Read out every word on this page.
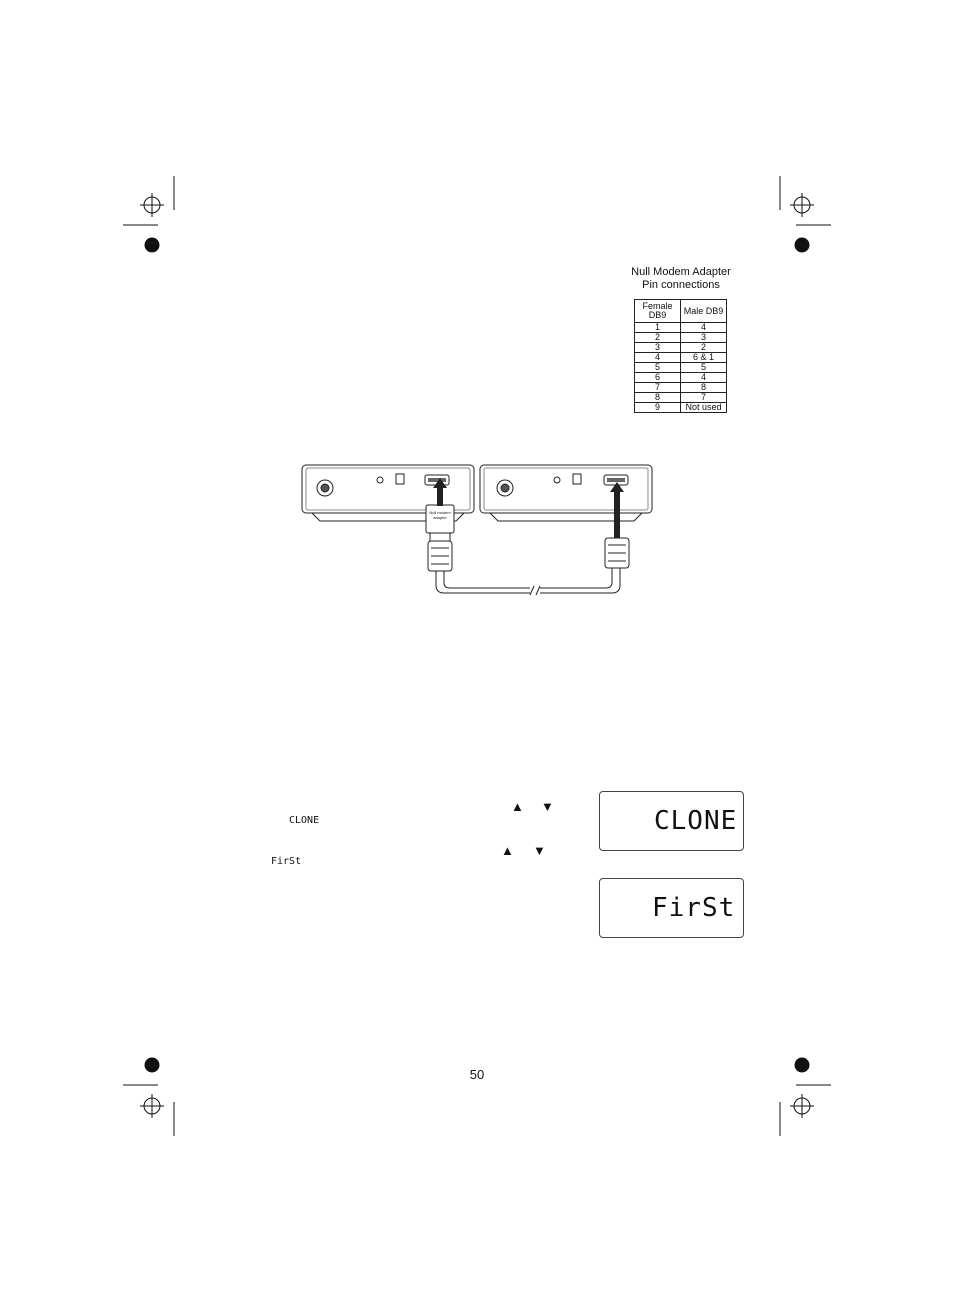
Null Modem Adapter
Pin connections
Female DB9	Male DB9
1	4
2	3
3	2
4	6 & 1
5	5
6	4
7	8
8	7
9	Not used
Null modem adapter
▲ ▼
CLONE
▲ ▼
FirSt
CLONE
FirSt
50
